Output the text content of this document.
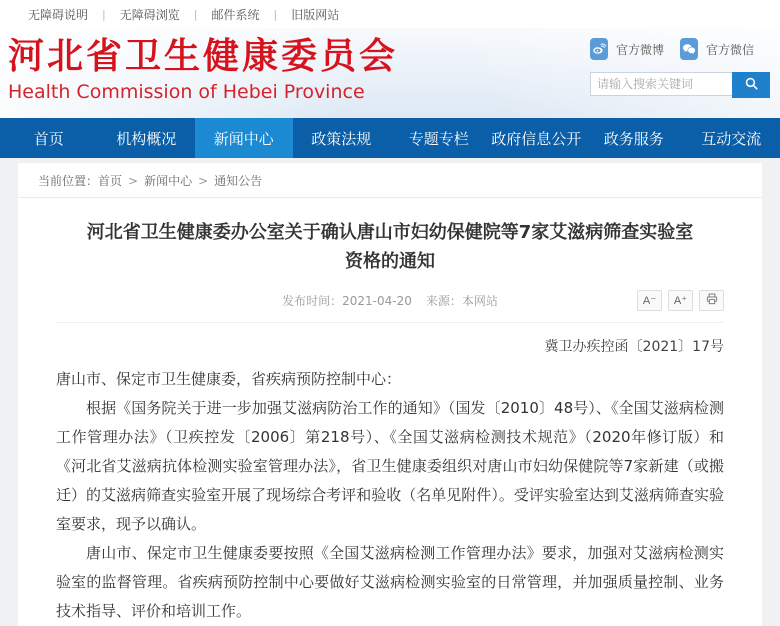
无障碍说明 | 无障碍浏览 | 邮件系统 | 旧版网站
河北省卫生健康委员会
Health Commission of Hebei Province
官方微博	官方微信
请输入搜索关键词
首页	机构概况	新闻中心	政策法规	专题专栏	政府信息公开	政务服务	互动交流
当前位置：首页 > 新闻中心 > 通知公告
河北省卫生健康委办公室关于确认唐山市妇幼保健院等7家艾滋病筛查实验室资格的通知
发布时间：2021-04-20 来源：本网站	A⁻	A⁺
冀卫办疾控函〔2021〕17号

唐山市、保定市卫生健康委，省疾病预防控制中心：

根据《国务院关于进一步加强艾滋病防治工作的通知》（国发〔2010〕48号）、《全国艾滋病检测工作管理办法》（卫疾控发〔2006〕第218号）、《全国艾滋病检测技术规范》（2020年修订版）和《河北省艾滋病抗体检测实验室管理办法》，省卫生健康委组织对唐山市妇幼保健院等7家新建（或搬迁）的艾滋病筛查实验室开展了现场综合考评和验收（名单见附件）。受评实验室达到艾滋病筛查实验室要求，现予以确认。

唐山市、保定市卫生健康委要按照《全国艾滋病检测工作管理办法》要求，加强对艾滋病检测实验室的监督管理。省疾病预防控制中心要做好艾滋病检测实验室的日常管理，并加强质量控制、业务技术指导、评价和培训工作。
